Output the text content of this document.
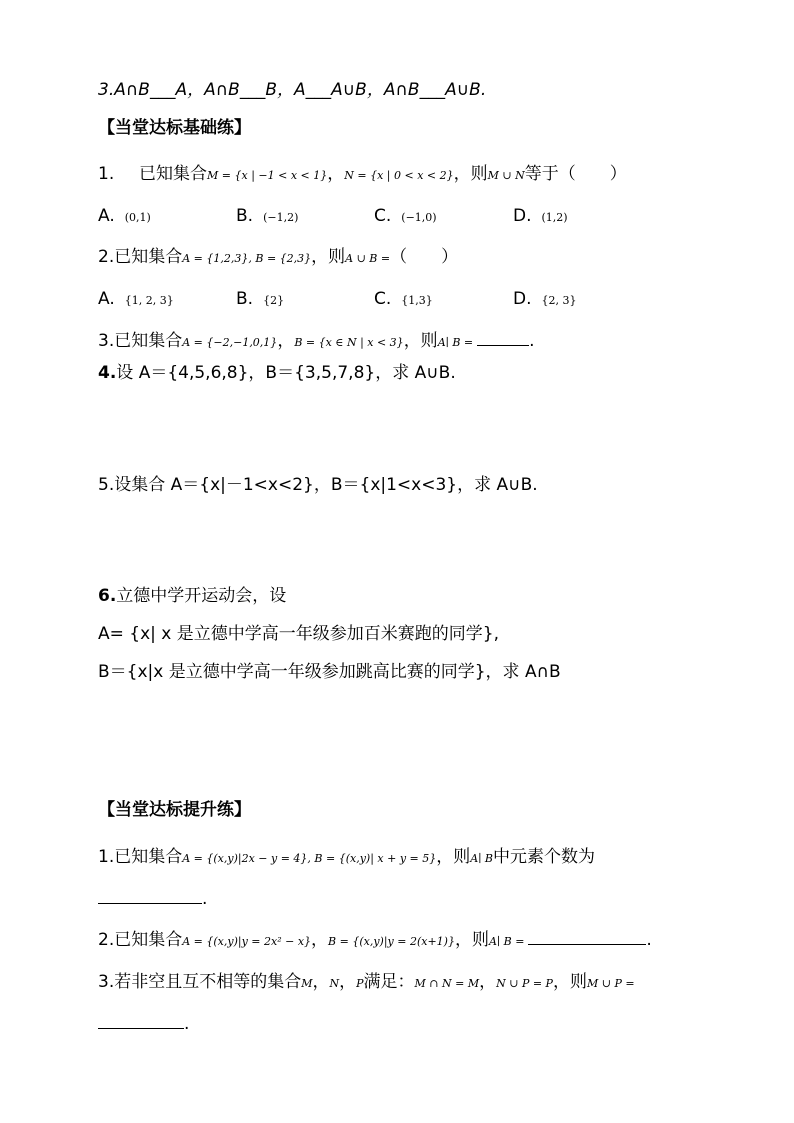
3.A∩B___A，A∩B___B，A___A∪B，A∩B___A∪B.
【当堂达标基础练】
1. 已知集合M = {x | −1 < x < 1}，N = {x | 0 < x < 2}，则M ∪ N等于（　　）
A. (0,1)	B. (−1,2)	C. (−1,0)	D. (1,2)
2.已知集合A = {1,2,3}, B = {2,3}，则A ∪ B =（　　）
A. {1, 2, 3}	B. {2}	C. {1,3}	D. {2, 3}
3.已知集合A = {−2,−1,0,1}，B = {x ∈ N | x < 3}，则A∣ B =	.
4.设 A＝{4,5,6,8}，B＝{3,5,7,8}，求 A∪B.
5.设集合 A＝{x|－1<x<2}，B＝{x|1<x<3}，求 A∪B.
6.立德中学开运动会，设
A= {x| x 是立德中学高一年级参加百米赛跑的同学},
B＝{x|x 是立德中学高一年级参加跳高比赛的同学}，求 A∩B
【当堂达标提升练】
1.已知集合A = {(x,y)|2x − y = 4}, B = {(x,y)| x + y = 5}，则A∣ B中元素个数为
.
2.已知集合A = {(x,y)|y = 2x² − x}，B = {(x,y)|y = 2(x+1)}，则A∣ B =	.
3.若非空且互不相等的集合M，N，P满足：M ∩ N = M，N ∪ P = P，则M ∪ P =
.
